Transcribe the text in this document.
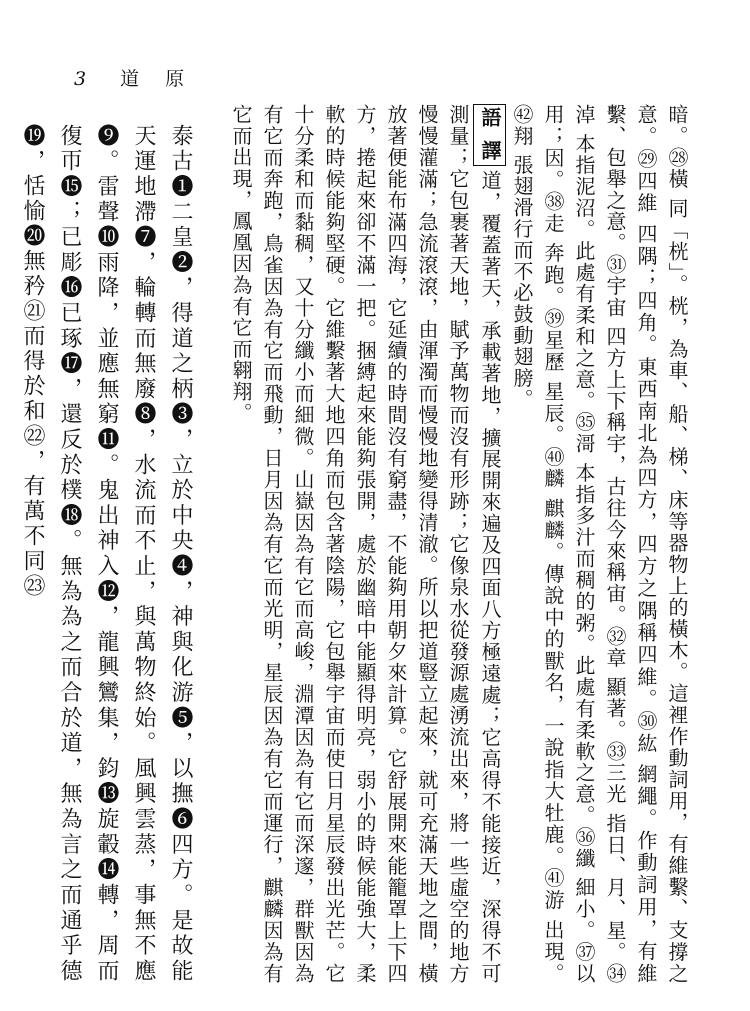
3 道 原

暗。㉘橫 同「桄」。桄，為車、船、梯、床等器物上的橫木。這裡作動詞用，有維繫、支撐之意。㉙四維 四隅；四角。東西南北為四方，四方之隅稱四維。㉚紘 網繩。作動詞用，有維繫、包舉之意。㉛宇宙 四方上下稱宇，古往今來稱宙。㉜章 顯著。㉝三光 指日、月、星。㉞淖 本指泥沼。此處有柔和之意。㉟滒 本指多汁而稠的粥。此處有柔軟之意。㊱纖 細小。㊲以 用；因。㊳走 奔跑。㊴星歷 星辰。㊵麟 麒麟。傳說中的獸名，一說指大牡鹿。㊶游 出現。㊷翔 張翅滑行而不必鼓動翅膀。

語 譯道，覆蓋著天，承載著地，擴展開來遍及四面八方極遠處；它高得不能接近，深得不可測量；它包裹著天地，賦予萬物而沒有形跡；它像泉水從發源處湧流出來，將一些虛空的地方慢慢灌滿；急流滾滾，由渾濁而慢慢地變得清澈。所以把道豎立起來，就可充滿天地之間，橫放著便能布滿四海，它延續的時間沒有窮盡，不能夠用朝夕來計算。它舒展開來能籠罩上下四方，捲起來卻不滿一把。捆縛起來能夠張開，處於幽暗中能顯得明亮，弱小的時候能強大，柔軟的時候能夠堅硬。它維繫著大地四角而包含著陰陽，它包舉宇宙而使日月星辰發出光芒。它十分柔和而黏稠，又十分纖小而細微。山嶽因為有它而高峻，淵潭因為有它而深邃，群獸因為有它而奔跑，鳥雀因為有它而飛動，日月因為有它而光明，星辰因為有它而運行，麒麟因為有它而出現，鳳凰因為有它而翱翔。

泰古❶二皇❷，得道之柄❸，立於中央❹，神與化游❺，以撫❻四方。是故能天運地滯❼，輪轉而無廢❽，水流而不止，與萬物終始。風興雲蒸，事無不應❾。雷聲❿雨降，並應無窮⓫。鬼出神入⓬，龍興鸞集，鈞⓭旋轂⓮轉，周而復帀⓯；已彫⓰已琢⓱，還反於樸⓲。無為為之而合於道，無為言之而通乎德⓳，恬愉⓴無矜㉑而得於和㉒，有萬不同㉓
